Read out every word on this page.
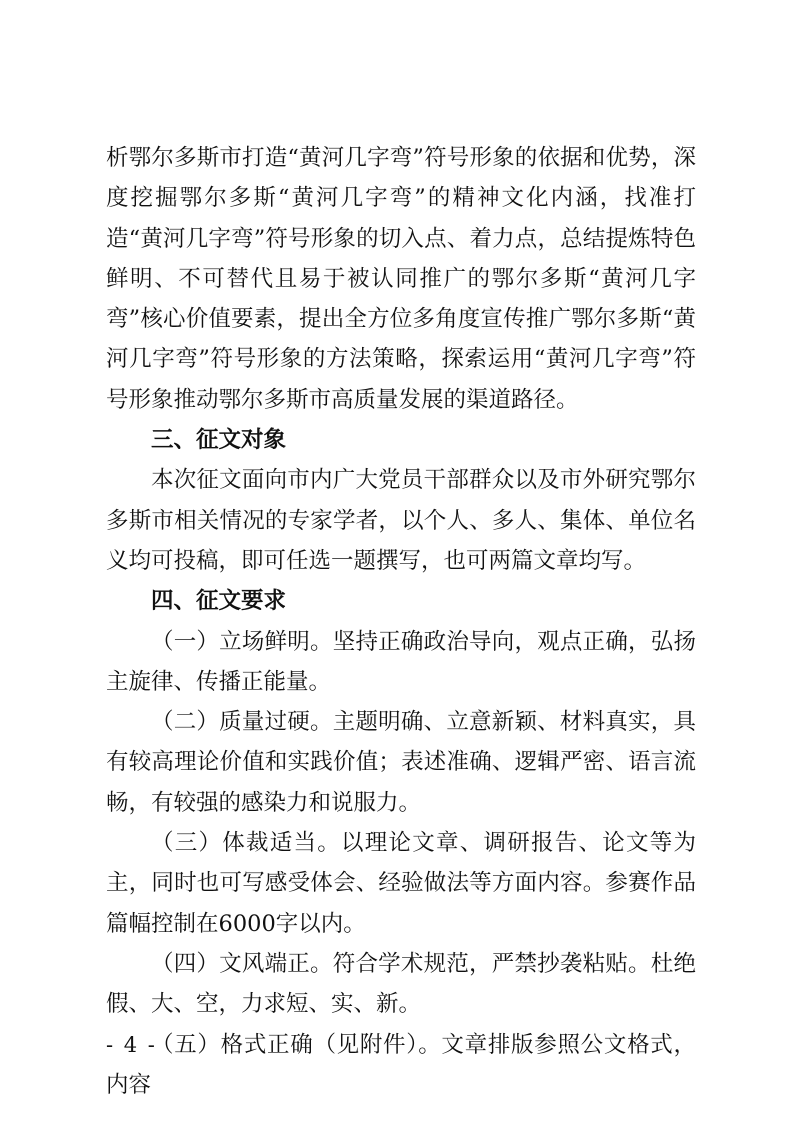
析鄂尔多斯市打造“黄河几字弯”符号形象的依据和优势，深度挖掘鄂尔多斯“黄河几字弯”的精神文化内涵，找准打造“黄河几字弯”符号形象的切入点、着力点，总结提炼特色鲜明、不可替代且易于被认同推广的鄂尔多斯“黄河几字弯”核心价值要素，提出全方位多角度宣传推广鄂尔多斯“黄河几字弯”符号形象的方法策略，探索运用“黄河几字弯”符号形象推动鄂尔多斯市高质量发展的渠道路径。

三、征文对象

本次征文面向市内广大党员干部群众以及市外研究鄂尔多斯市相关情况的专家学者，以个人、多人、集体、单位名义均可投稿，即可任选一题撰写，也可两篇文章均写。

四、征文要求

（一）立场鲜明。坚持正确政治导向，观点正确，弘扬主旋律、传播正能量。

（二）质量过硬。主题明确、立意新颖、材料真实，具有较高理论价值和实践价值；表述准确、逻辑严密、语言流畅，有较强的感染力和说服力。

（三）体裁适当。以理论文章、调研报告、论文等为主，同时也可写感受体会、经验做法等方面内容。参赛作品篇幅控制在6000字以内。

（四）文风端正。符合学术规范，严禁抄袭粘贴。杜绝假、大、空，力求短、实、新。

（五）格式正确（见附件）。文章排版参照公文格式，内容

- 4 -
